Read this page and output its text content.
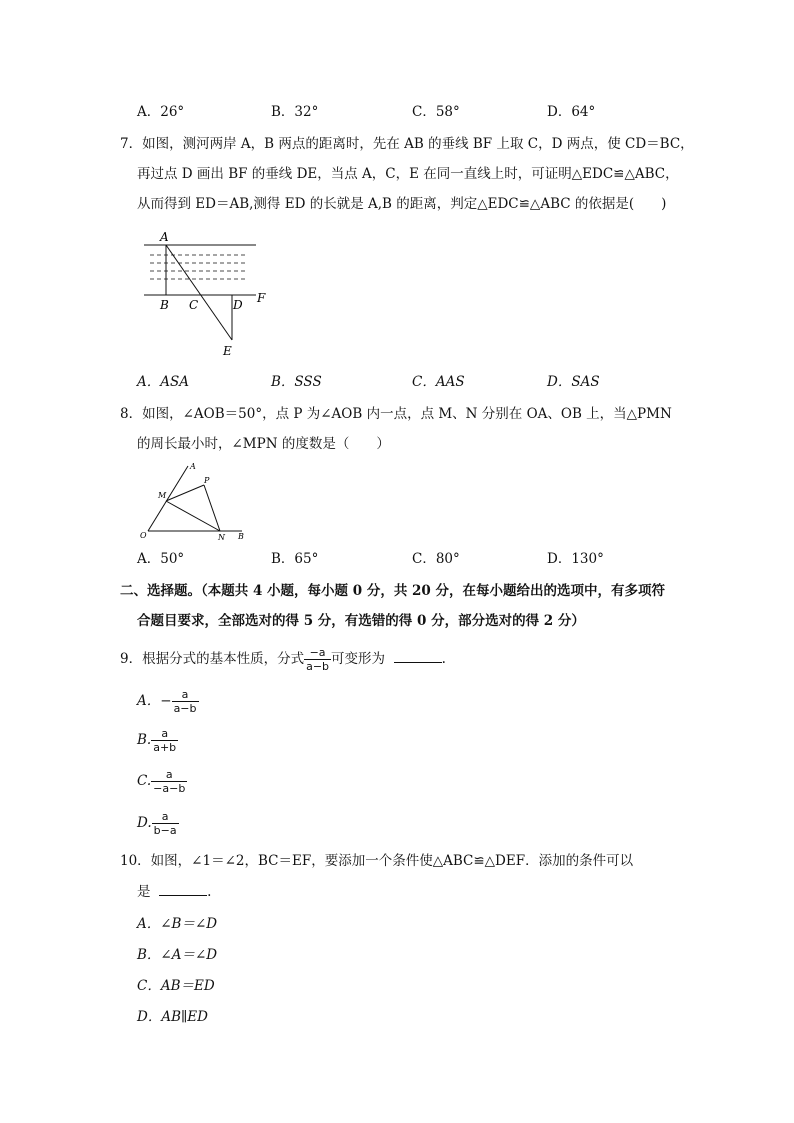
A．26°	B．32°	C．58°	D．64°
7．如图，测河两岸 A，B 两点的距离时，先在 AB 的垂线 BF 上取 C，D 两点，使 CD＝BC，
再过点 D 画出 BF 的垂线 DE，当点 A，C，E 在同一直线上时，可证明△EDC≌△ABC，
从而得到 ED＝AB,测得 ED 的长就是 A,B 的距离，判定△EDC≌△ABC 的依据是(　　)
A
B C	D F
E
A．ASA	B．SSS	C．AAS	D．SAS
8．如图，∠AOB＝50°，点 P 为∠AOB 内一点，点 M、N 分别在 OA、OB 上，当△PMN
的周长最小时，∠MPN 的度数是（　　）
A
P
M
O	N B
A．50°	B．65°	C．80°	D．130°
二、选择题。（本题共 4 小题，每小题 0 分，共 20 分，在每小题给出的选项中，有多项符
合题目要求，全部选对的得 5 分，有选错的得 0 分，部分选对的得 2 分）
9．根据分式的基本性质，分式 $\frac{-a}{a-b}$ 可变形为	.
A．− $\frac{a}{a-b}$
B. $\frac{a}{a+b}$
C. $\frac{a}{-a-b}$
D. $\frac{a}{b-a}$
10．如图，∠1＝∠2，BC＝EF，要添加一个条件使△ABC≌△DEF．添加的条件可以
是	.
A．∠B＝∠D
B．∠A＝∠D
C．AB＝ED
D．AB∥ED
